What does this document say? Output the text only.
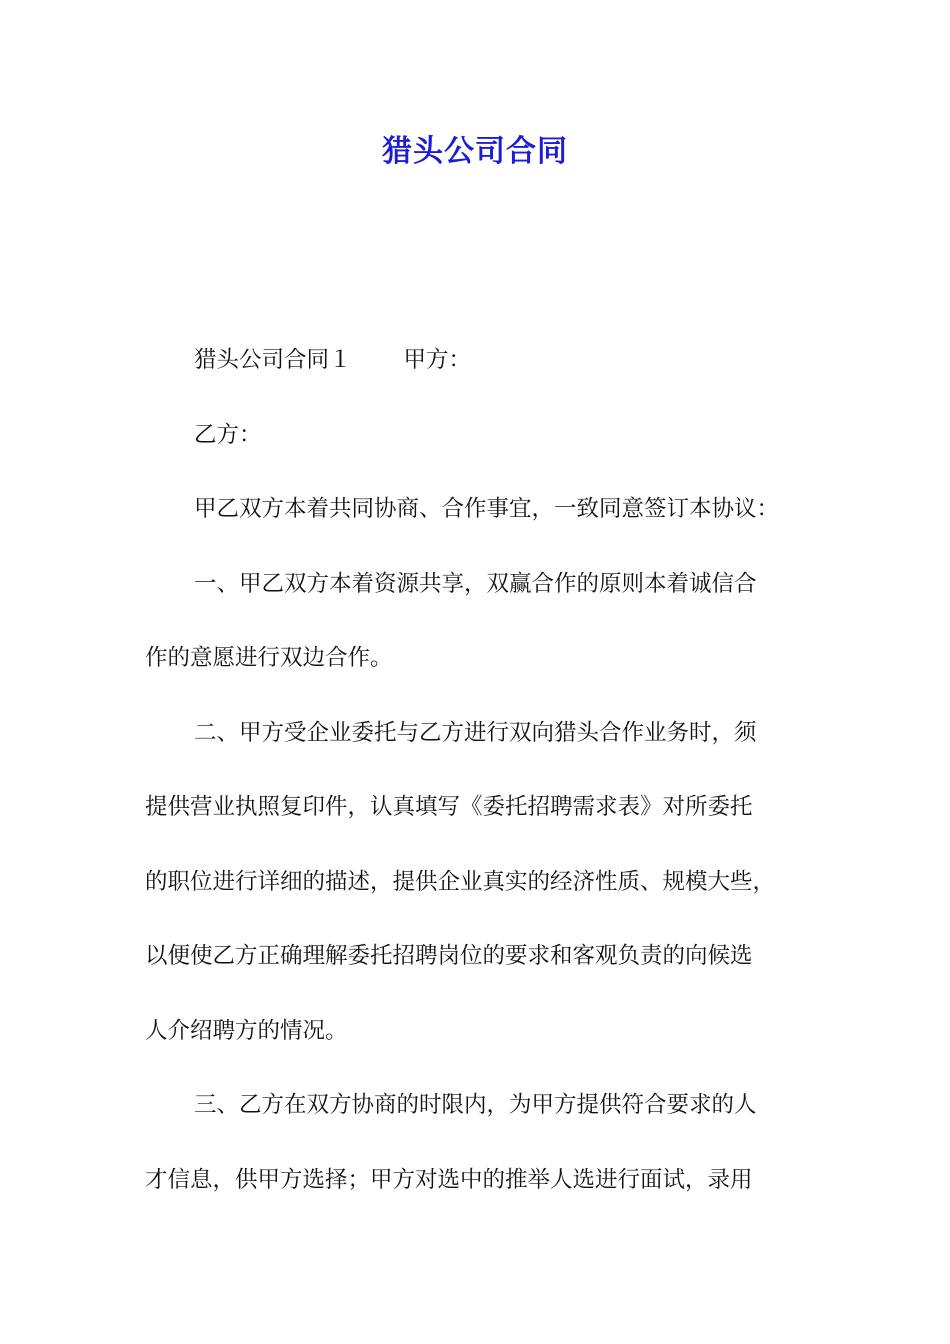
猎头公司合同
猎头公司合同１ 甲方：
乙方：
甲乙双方本着共同协商、合作事宜，一致同意签订本协议：
一、甲乙双方本着资源共享，双赢合作的原则本着诚信合
作的意愿进行双边合作。
二、甲方受企业委托与乙方进行双向猎头合作业务时，须
提供营业执照复印件，认真填写《委托招聘需求表》对所委托
的职位进行详细的描述，提供企业真实的经济性质、规模大些，
以便使乙方正确理解委托招聘岗位的要求和客观负责的向候选
人介绍聘方的情况。
三、乙方在双方协商的时限内，为甲方提供符合要求的人
才信息，供甲方选择；甲方对选中的推举人选进行面试，录用
